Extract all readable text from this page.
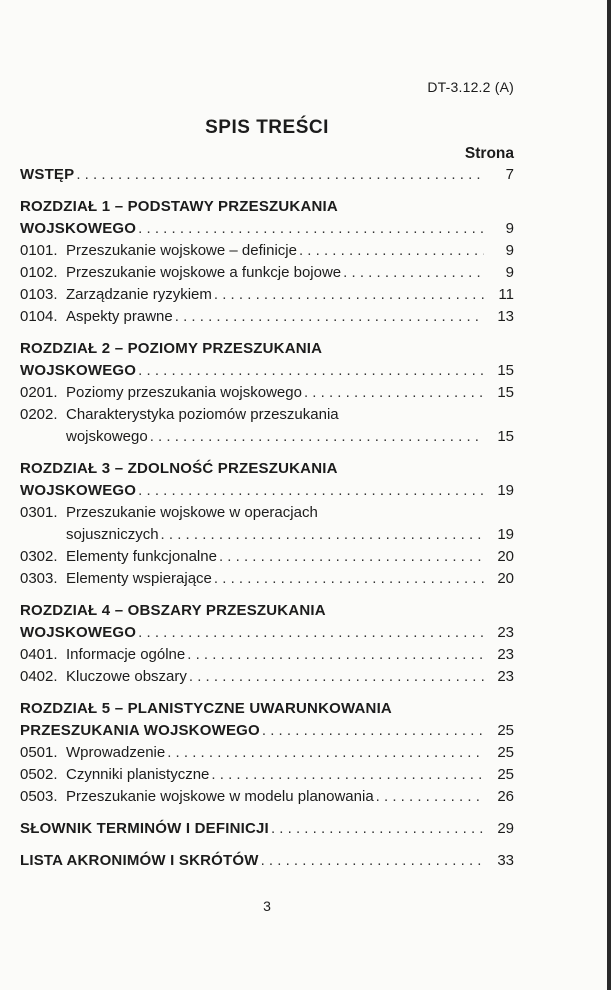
DT-3.12.2 (A)
SPIS TREŚCI
Strona
WSTĘP . . .	7
ROZDZIAŁ 1 – PODSTAWY PRZESZUKANIA
WOJSKOWEGO . . .	9
0101. Przeszukanie wojskowe – definicje . . .	9
0102. Przeszukanie wojskowe a funkcje bojowe . . .	9
0103. Zarządzanie ryzykiem . . .	11
0104. Aspekty prawne . . .	13
ROZDZIAŁ 2 – POZIOMY PRZESZUKANIA
WOJSKOWEGO . . .	15
0201. Poziomy przeszukania wojskowego . . .	15
0202. Charakterystyka poziomów przeszukania
wojskowego . . .	15
ROZDZIAŁ 3 – ZDOLNOŚĆ PRZESZUKANIA
WOJSKOWEGO . . .	19
0301. Przeszukanie wojskowe w operacjach
sojuszniczych . . .	19
0302. Elementy funkcjonalne . . .	20
0303. Elementy wspierające . . .	20
ROZDZIAŁ 4 – OBSZARY PRZESZUKANIA
WOJSKOWEGO . . .	23
0401. Informacje ogólne . . .	23
0402. Kluczowe obszary . . .	23
ROZDZIAŁ 5 – PLANISTYCZNE UWARUNKOWANIA
PRZESZUKANIA WOJSKOWEGO . . .	25
0501. Wprowadzenie . . .	25
0502. Czynniki planistyczne . . .	25
0503. Przeszukanie wojskowe w modelu planowania . . .	26
SŁOWNIK TERMINÓW I DEFINICJI . . .	29
LISTA AKRONIMÓW I SKRÓTÓW . . .	33
3
